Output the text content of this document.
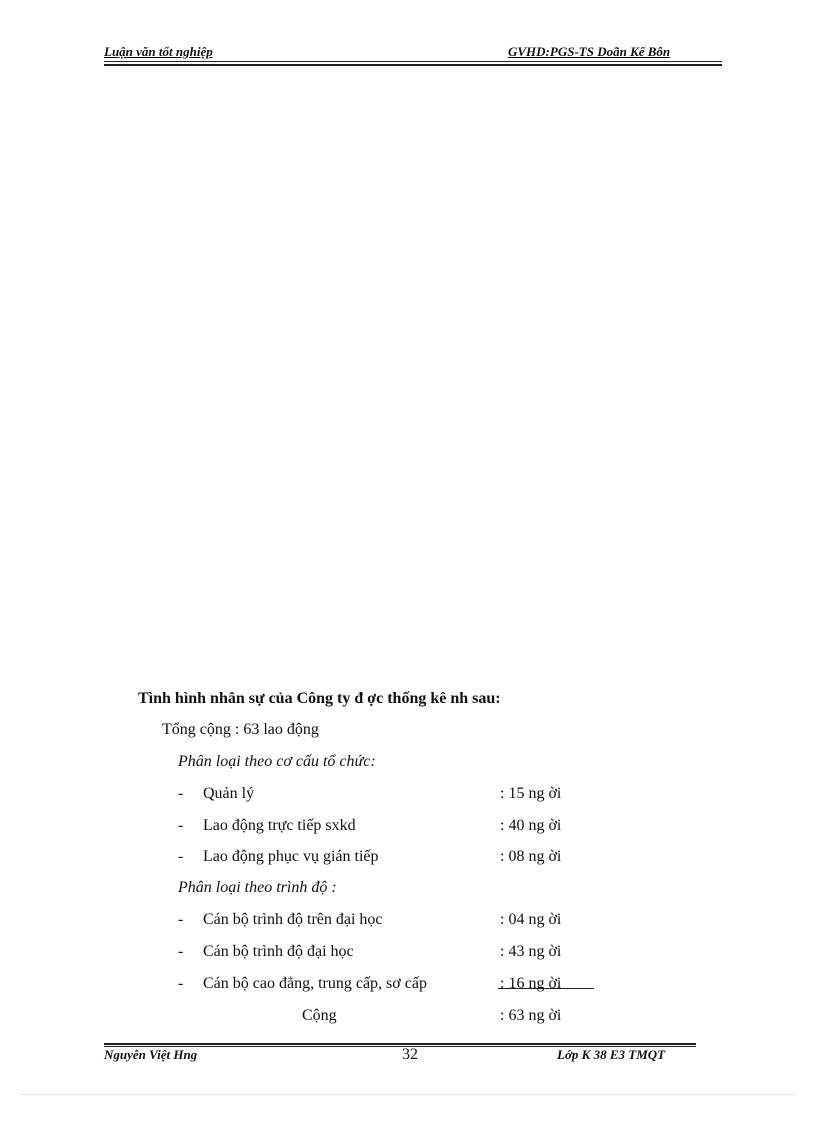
Luận văn tốt nghiệp	GVHD:PGS-TS Doãn Kế Bôn
Tình hình nhân sự của Công ty đ ợc thống kê nh sau:
Tổng cộng : 63 lao động
Phân loại theo cơ cấu tổ chức:
- Quản lý	: 15 ng ời
- Lao động trực tiếp sxkd	: 40 ng ời
- Lao động phục vụ gián tiếp	: 08 ng ời
Phân loại theo trình độ :
- Cán bộ trình độ trên đại học	: 04 ng ời
- Cán bộ trình độ đại học	: 43 ng ời
- Cán bộ cao đẳng, trung cấp, sơ cấp	: 16 ng ời
Cộng	: 63 ng ời
Nguyễn Việt Hng	32	Lớp K 38 E3 TMQT
